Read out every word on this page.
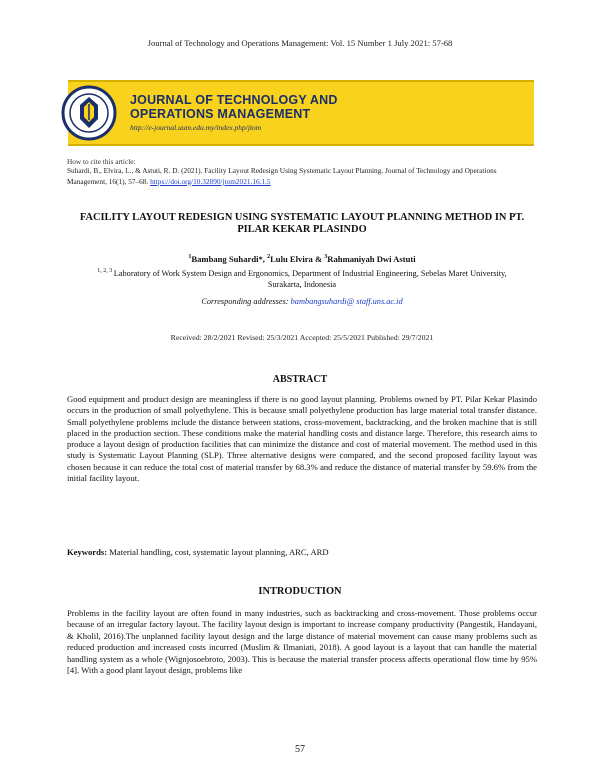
Journal of Technology and Operations Management: Vol. 15 Number 1 July 2021: 57-68
JOURNAL OF TECHNOLOGY AND
OPERATIONS MANAGEMENT
http://e-journal.uum.edu.my/index.php/jtom
How to cite this article:
Suhardi, B., Elvira, L., & Astuti, R. D. (2021). Facility Layout Redesign Using Systematic Layout Planning. Journal of Technology and Operations Management, 16(1), 57–68. https://doi.org/10.32890/jtom2021.16.1.5
FACILITY LAYOUT REDESIGN USING SYSTEMATIC LAYOUT PLANNING METHOD IN PT. PILAR KEKAR PLASINDO
$^1$Bambang Suhardi*, $^2$Lulu Elvira & $^3$Rahmaniyah Dwi Astuti
$^{1, 2, 3}$ Laboratory of Work System Design and Ergonomics, Department of Industrial Engineering, Sebelas Maret University, Surakarta, Indonesia
Corresponding addresses: bambangsuhardi@ staff.uns.ac.id
Received: 28/2/2021 Revised: 25/3/2021 Accepted: 25/5/2021 Published: 29/7/2021
ABSTRACT
Good equipment and product design are meaningless if there is no good layout planning. Problems owned by PT. Pilar Kekar Plasindo occurs in the production of small polyethylene. This is because small polyethylene production has large material total transfer distance. Small polyethylene problems include the distance between stations, cross-movement, backtracking, and the broken machine that is still placed in the production section. These conditions make the material handling costs and distance large. Therefore, this research aims to produce a layout design of production facilities that can minimize the distance and cost of material movement. The method used in this study is Systematic Layout Planning (SLP). Three alternative designs were compared, and the second proposed facility layout was chosen because it can reduce the total cost of material transfer by 68.3% and reduce the distance of material transfer by 59.6% from the initial facility layout.
Keywords: Material handling, cost, systematic layout planning, ARC, ARD
INTRODUCTION
Problems in the facility layout are often found in many industries, such as backtracking and cross-movement. Those problems occur because of an irregular factory layout. The facility layout design is important to increase company productivity (Pangestik, Handayani, & Kholil, 2016).The unplanned facility layout design and the large distance of material movement can cause many problems such as reduced production and increased costs incurred (Muslim & Ilmaniati, 2018). A good layout is a layout that can handle the material handling system as a whole (Wignjosoebroto, 2003). This is because the material transfer process affects operational flow time by 95% [4]. With a good plant layout design, problems like
57
